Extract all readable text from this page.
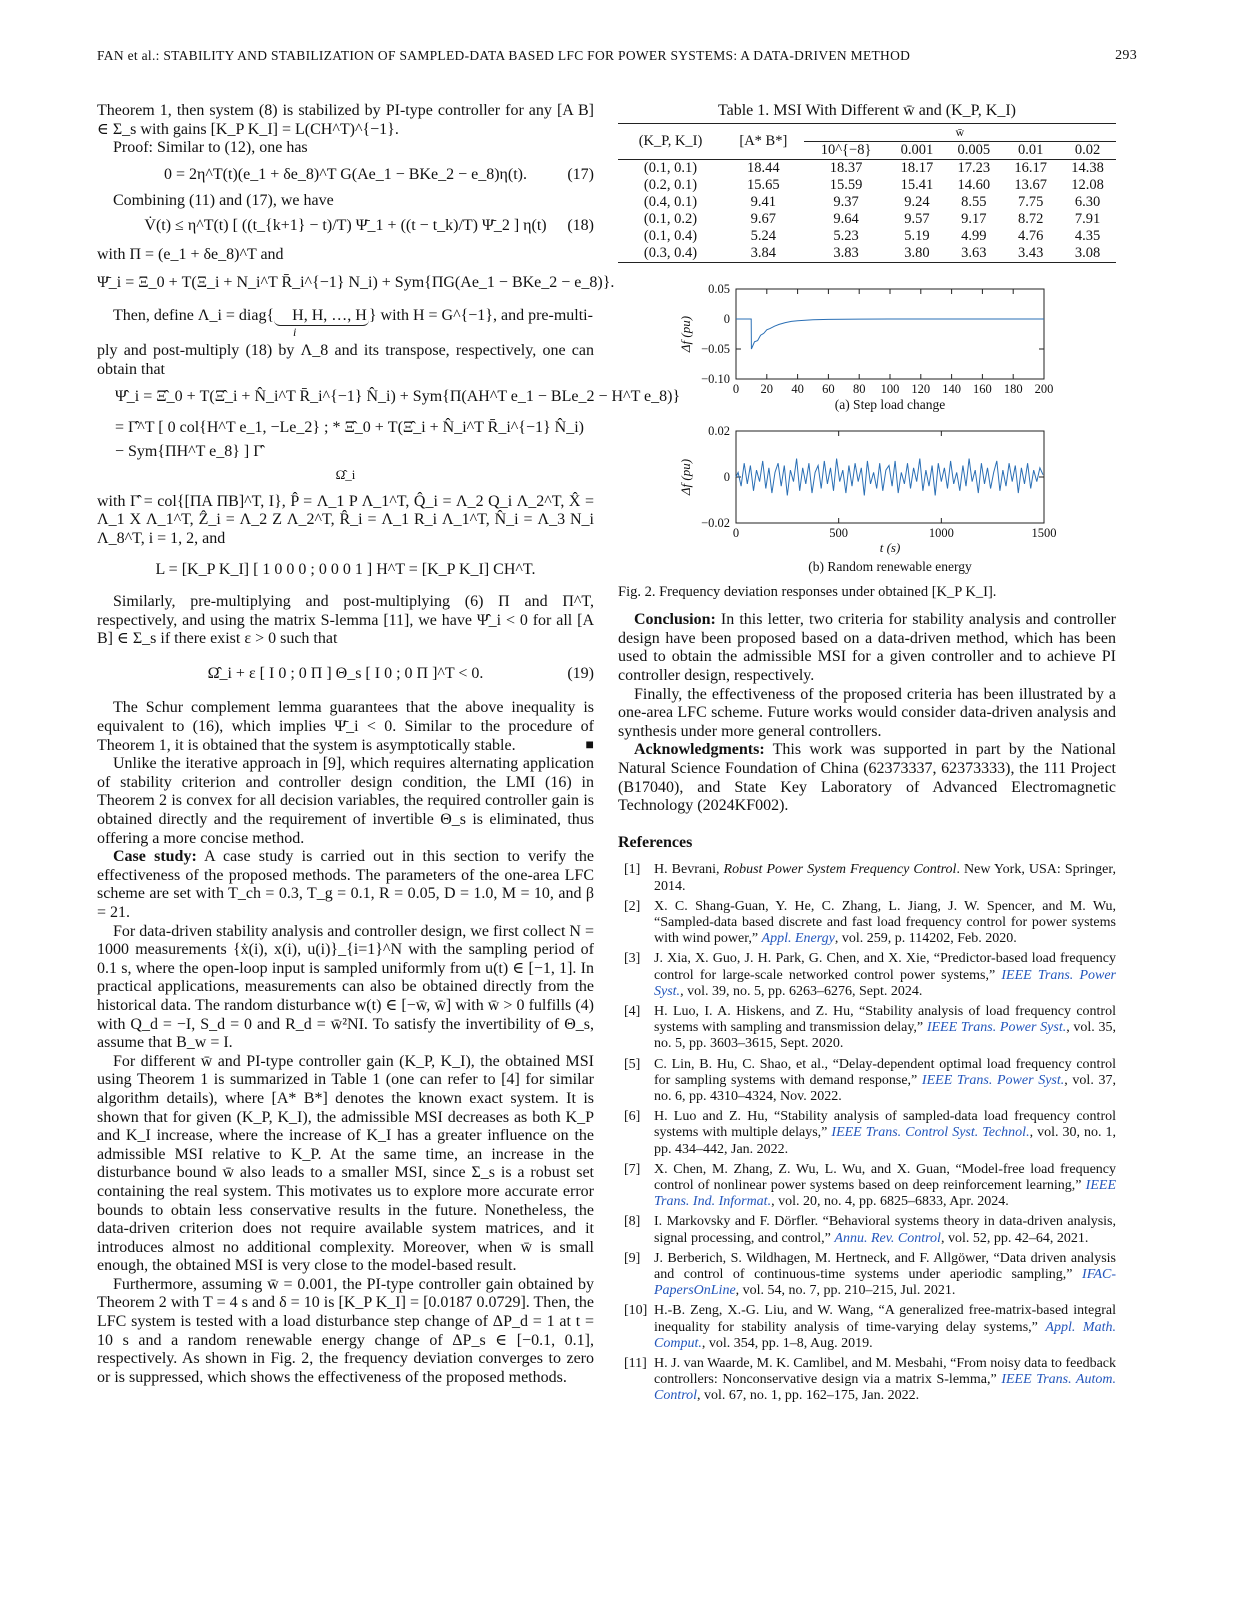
FAN et al.: STABILITY AND STABILIZATION OF SAMPLED-DATA BASED LFC FOR POWER SYSTEMS: A DATA-DRIVEN METHOD	293

Theorem 1, then system (8) is stabilized by PI-type controller for any [A B] ∈ Σ_s with gains [K_P K_I] = L(CH^T)^{−1}.

Proof: Similar to (12), one has

0 = 2η^T(t)(e_1 + δe_8)^T G(Ae_1 − BKe_2 − e_8)η(t).	(17)

Combining (11) and (17), we have

V̇(t) ≤ η^T(t) [ ((t_{k+1} − t)/T) Ψ̄_1 + ((t − t_k)/T) Ψ̄_2 ] η(t) (18)

with Π = (e_1 + δe_8)^T and

Ψ̄_i = Ξ_0 + T(Ξ_i + N_i^T R̄_i^{−1} N_i) + Sym{ΠG(Ae_1 − BKe_2 − e_8)}.

Then, define Λ_i = diag{ H, H, …, H } with H = G^{−1}, and pre-multi-

i

ply and post-multiply (18) by Λ_8 and its transpose, respectively, one can obtain that

Ψ̂_i = Ξ̂_0 + T(Ξ̂_i + N̂_i^T R̄_i^{−1} N̂_i) + Sym{Π(AH^T e_1 − BLe_2 − H^T e_8)}
= Γ̂^T [ 0 col{H^T e_1, −Le_2} ; * Ξ̂_0 + T(Ξ̂_i + N̂_i^T R̄_i^{−1} N̂_i) − Sym{ΠH^T e_8} ] Γ̂
Ω̂_i

with Γ̂ = col{[ΠA ΠB]^T, I}, P̂ = Λ_1 P Λ_1^T, Q̂_i = Λ_2 Q_i Λ_2^T, X̂ = Λ_1 X Λ_1^T, Ẑ_i = Λ_2 Z Λ_2^T, R̂_i = Λ_1 R_i Λ_1^T, N̂_i = Λ_3 N_i Λ_8^T, i = 1, 2, and

L = [K_P K_I] [ 1 0 0 0 ; 0 0 0 1 ] H^T = [K_P K_I] CH^T.

Similarly, pre-multiplying and post-multiplying (6) Π and Π^T, respectively, and using the matrix S-lemma [11], we have Ψ̂_i < 0 for all [A B] ∈ Σ_s if there exist ε > 0 such that

Ω̂_i + ε [ I 0 ; 0 Π ] Θ_s [ I 0 ; 0 Π ]^T < 0.	(19)

The Schur complement lemma guarantees that the above inequality is equivalent to (16), which implies Ψ̄_i < 0. Similar to the procedure of Theorem 1, it is obtained that the system is asymptotically stable.	■

Unlike the iterative approach in [9], which requires alternating application of stability criterion and controller design condition, the LMI (16) in Theorem 2 is convex for all decision variables, the required controller gain is obtained directly and the requirement of invertible Θ_s is eliminated, thus offering a more concise method.

Case study: A case study is carried out in this section to verify the effectiveness of the proposed methods. The parameters of the one-area LFC scheme are set with T_ch = 0.3, T_g = 0.1, R = 0.05, D = 1.0, M = 10, and β = 21.

For data-driven stability analysis and controller design, we first collect N = 1000 measurements {ẋ(i), x(i), u(i)}_{i=1}^N with the sampling period of 0.1 s, where the open-loop input is sampled uniformly from u(t) ∈ [−1, 1]. In practical applications, measurements can also be obtained directly from the historical data. The random disturbance w(t) ∈ [−w̄, w̄] with w̄ > 0 fulfills (4) with Q_d = −I, S_d = 0 and R_d = w̄²NI. To satisfy the invertibility of Θ_s, assume that B_w = I.

For different w̄ and PI-type controller gain (K_P, K_I), the obtained MSI using Theorem 1 is summarized in Table 1 (one can refer to [4] for similar algorithm details), where [A* B*] denotes the known exact system. It is shown that for given (K_P, K_I), the admissible MSI decreases as both K_P and K_I increase, where the increase of K_I has a greater influence on the admissible MSI relative to K_P. At the same time, an increase in the disturbance bound w̄ also leads to a smaller MSI, since Σ_s is a robust set containing the real system. This motivates us to explore more accurate error bounds to obtain less conservative results in the future. Nonetheless, the data-driven criterion does not require available system matrices, and it introduces almost no additional complexity. Moreover, when w̄ is small enough, the obtained MSI is very close to the model-based result.

Furthermore, assuming w̄ = 0.001, the PI-type controller gain obtained by Theorem 2 with T = 4 s and δ = 10 is [K_P K_I] = [0.0187 0.0729]. Then, the LFC system is tested with a load disturbance step change of ΔP_d = 1 at t = 10 s and a random renewable energy change of ΔP_s ∈ [−0.1, 0.1], respectively. As shown in Fig. 2, the frequency deviation converges to zero or is suppressed, which shows the effectiveness of the proposed methods.

Table 1. MSI With Different w̄ and (K_P, K_I)
(K_P, K_I)	[A* B*]	w̄				
		10^{−8}	0.001	0.005	0.01	0.02
(0.1, 0.1)	18.44	18.37	18.17	17.23	16.17	14.38
(0.2, 0.1)	15.65	15.59	15.41	14.60	13.67	12.08
(0.4, 0.1)	9.41	9.37	9.24	8.55	7.75	6.30
(0.1, 0.2)	9.67	9.64	9.57	9.17	8.72	7.91
(0.1, 0.4)	5.24	5.23	5.19	4.99	4.76	4.35
(0.3, 0.4)	3.84	3.83	3.80	3.63	3.43	3.08
0 20 40 60 80 100 120 140 160 180 200
0.05
0
−0.05
−0.10
Δf (pu)
(a) Step load change
0	500	1000	1500
0.02
0
−0.02
Δf (pu)
t (s)
(b) Random renewable energy
Fig. 2. Frequency deviation responses under obtained [K_P K_I].

Conclusion: In this letter, two criteria for stability analysis and controller design have been proposed based on a data-driven method, which has been used to obtain the admissible MSI for a given controller and to achieve PI controller design, respectively.

Finally, the effectiveness of the proposed criteria has been illustrated by a one-area LFC scheme. Future works would consider data-driven analysis and synthesis under more general controllers.

Acknowledgments: This work was supported in part by the National Natural Science Foundation of China (62373337, 62373333), the 111 Project (B17040), and State Key Laboratory of Advanced Electromagnetic Technology (2024KF002).

References
[1] H. Bevrani, Robust Power System Frequency Control. New York, USA: Springer, 2014.
[2] X. C. Shang-Guan, Y. He, C. Zhang, L. Jiang, J. W. Spencer, and M. Wu, “Sampled-data based discrete and fast load frequency control for power systems with wind power,” Appl. Energy, vol. 259, p. 114202, Feb. 2020.
[3] J. Xia, X. Guo, J. H. Park, G. Chen, and X. Xie, “Predictor-based load frequency control for large-scale networked control power systems,” IEEE Trans. Power Syst., vol. 39, no. 5, pp. 6263–6276, Sept. 2024.
[4] H. Luo, I. A. Hiskens, and Z. Hu, “Stability analysis of load frequency control systems with sampling and transmission delay,” IEEE Trans. Power Syst., vol. 35, no. 5, pp. 3603–3615, Sept. 2020.
[5] C. Lin, B. Hu, C. Shao, et al., “Delay-dependent optimal load frequency control for sampling systems with demand response,” IEEE Trans. Power Syst., vol. 37, no. 6, pp. 4310–4324, Nov. 2022.
[6] H. Luo and Z. Hu, “Stability analysis of sampled-data load frequency control systems with multiple delays,” IEEE Trans. Control Syst. Technol., vol. 30, no. 1, pp. 434–442, Jan. 2022.
[7] X. Chen, M. Zhang, Z. Wu, L. Wu, and X. Guan, “Model-free load frequency control of nonlinear power systems based on deep reinforcement learning,” IEEE Trans. Ind. Informat., vol. 20, no. 4, pp. 6825–6833, Apr. 2024.
[8] I. Markovsky and F. Dörfler. “Behavioral systems theory in data-driven analysis, signal processing, and control,” Annu. Rev. Control, vol. 52, pp. 42–64, 2021.
[9] J. Berberich, S. Wildhagen, M. Hertneck, and F. Allgöwer, “Data driven analysis and control of continuous-time systems under aperiodic sampling,” IFAC-PapersOnLine, vol. 54, no. 7, pp. 210–215, Jul. 2021.
[10] H.-B. Zeng, X.-G. Liu, and W. Wang, “A generalized free-matrix-based integral inequality for stability analysis of time-varying delay systems,” Appl. Math. Comput., vol. 354, pp. 1–8, Aug. 2019.
[11] H. J. van Waarde, M. K. Camlibel, and M. Mesbahi, “From noisy data to feedback controllers: Nonconservative design via a matrix S-lemma,” IEEE Trans. Autom. Control, vol. 67, no. 1, pp. 162–175, Jan. 2022.
